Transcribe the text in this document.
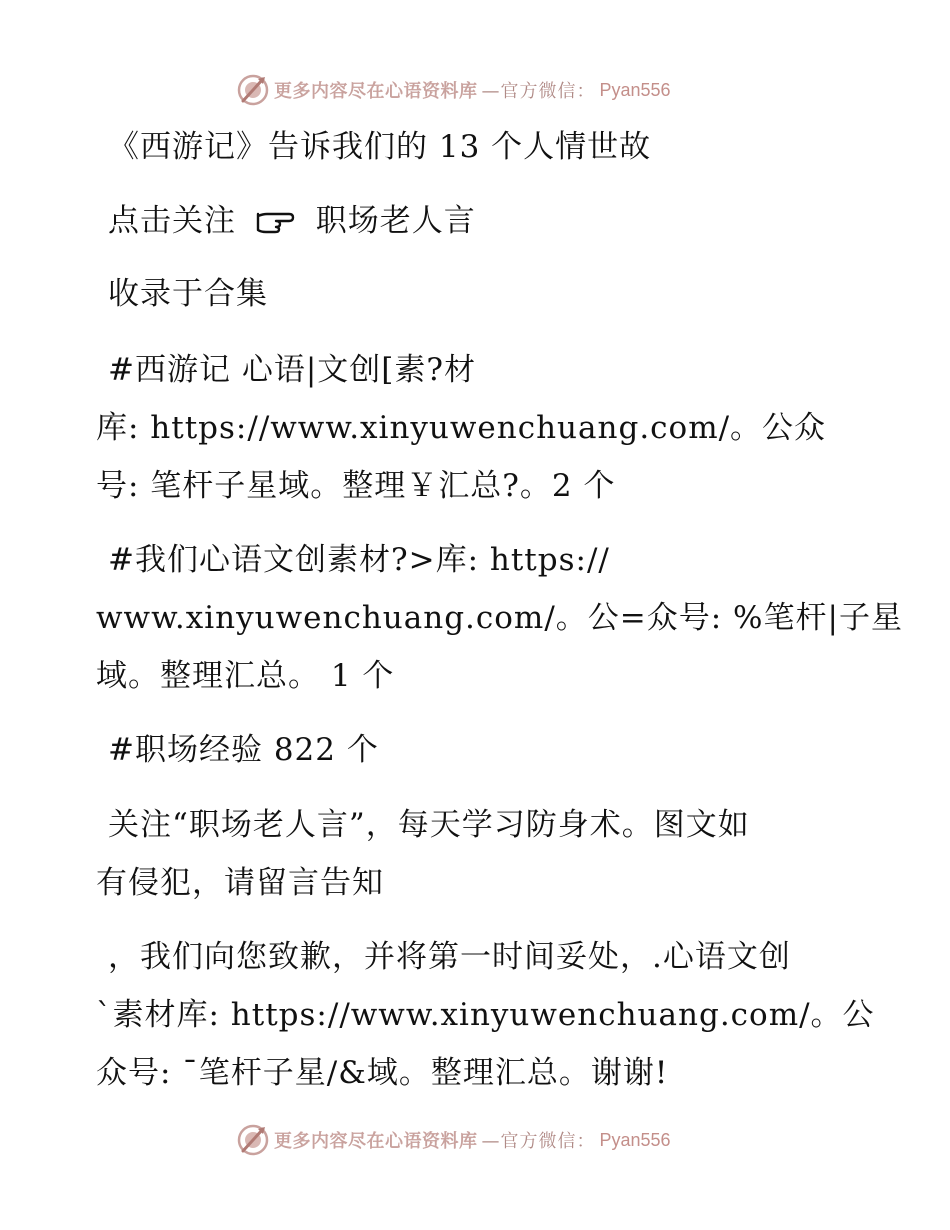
更多内容尽在心语资料库 —官方微信： Pyan556
《西游记》告诉我们的 13 个人情世故
点击关注	职场老人言
收录于合集
#西游记 心语|文创[素?材
库: https://www.xinyuwenchuang.com/。公众
号: 笔杆子星域。整理￥汇总?。2 个
#我们心语文创素材?>库: https://
www.xinyuwenchuang.com/。公=众号: %笔杆|子星
域。整理汇总。 1 个
#职场经验 822 个
关注“职场老人言”，每天学习防身术。图文如
有侵犯，请留言告知
，我们向您致歉，并将第一时间妥处，.心语文创
`素材库: https://www.xinyuwenchuang.com/。公
众号: ¯笔杆子星/&域。整理汇总。谢谢!
更多内容尽在心语资料库 —官方微信： Pyan556
